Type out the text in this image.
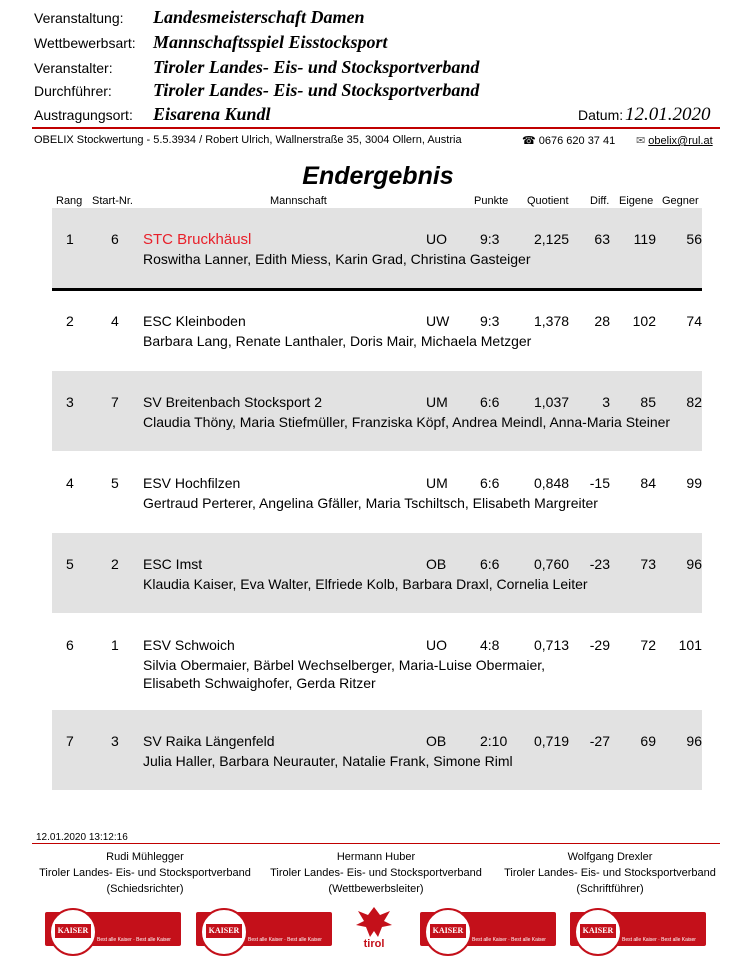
Veranstaltung: Landesmeisterschaft Damen
Wettbewerbsart: Mannschaftsspiel Eisstocksport
Veranstalter: Tiroler Landes- Eis- und Stocksportverband
Durchführer: Tiroler Landes- Eis- und Stocksportverband
Austragungsort: Eisarena Kundl	Datum: 12.01.2020
OBELIX Stockwertung - 5.5.3934 / Robert Ulrich, Wallnerstraße 35, 3004 Ollern, Austria	☎ 0676 620 37 41 ✉ obelix@rul.at
Endergebnis
Rang Start-Nr.	Mannschaft	Punkte Quotient Diff. Eigene Gegner
1	6 STC Bruckhäusl	UO 9:3 2,125	63	119	56
Roswitha Lanner, Edith Miess, Karin Grad, Christina Gasteiger
2	4 ESC Kleinboden	UW 9:3 1,378	28	102	74
Barbara Lang, Renate Lanthaler, Doris Mair, Michaela Metzger
3	7 SV Breitenbach Stocksport 2	UM 6:6 1,037	3	85	82
Claudia Thöny, Maria Stiefmüller, Franziska Köpf, Andrea Meindl, Anna-Maria Steiner
4	5 ESV Hochfilzen	UM 6:6 0,848	-15	84	99
Gertraud Perterer, Angelina Gfäller, Maria Tschiltsch, Elisabeth Margreiter
5	2 ESC Imst	OB 6:6 0,760	-23	73	96
Klaudia Kaiser, Eva Walter, Elfriede Kolb, Barbara Draxl, Cornelia Leiter
6	1 ESV Schwoich	UO 4:8 0,713	-29	72	101
Silvia Obermaier, Bärbel Wechselberger, Maria-Luise Obermaier,
Elisabeth Schwaighofer, Gerda Ritzer
7	3 SV Raika Längenfeld	OB 2:10 0,719	-27	69	96
Julia Haller, Barbara Neurauter, Natalie Frank, Simone Riml
12.01.2020 13:12:16
Rudi Mühlegger
Tiroler Landes- Eis- und Stocksportverband
(Schiedsrichter)
Hermann Huber
Tiroler Landes- Eis- und Stocksportverband
(Wettbewerbsleiter)
Wolfgang Drexler
Tiroler Landes- Eis- und Stocksportverband
(Schriftführer)
KAISER
Best alle Kaiser · Best alle Kaiser
KAISER
Best alle Kaiser · Best alle Kaiser	tirol
KAISER
Best alle Kaiser · Best alle Kaiser
KAISER
Best alle Kaiser · Best alle Kaiser
